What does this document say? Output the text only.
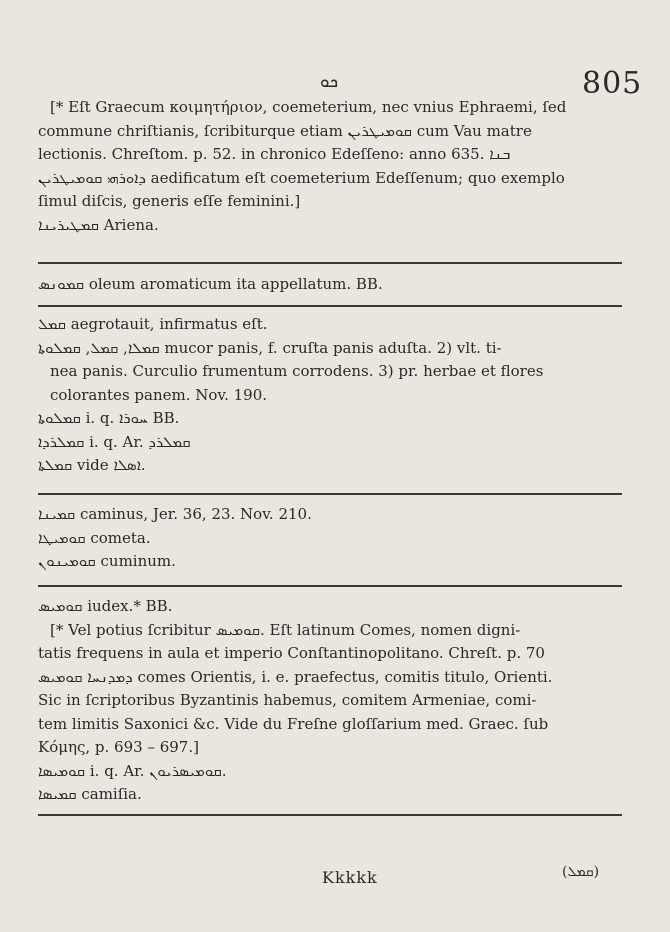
ܟܘ	805
[* Eſt Graecum κοιμητήριον, coemeterium, nec vnius Ephraemi, ſed
commune chriſtianis, ſcribiturque etiam ܩܘܡܝܛܪܝܢ cum Vau matre
lectionis. Chreſtom. p. 52. in chronico Edeſſeno: anno 635. ܒܢܐ
ܕܐܘܪܗܝ ܩܘܡܝܛܪܝܢ aedificatum eſt coemeterium Edeſſenum; quo exemplo
ſimul diſcis, generis eſſe feminini.]
ܩܡܛܝܪܝܢܐ Ariena.
ܩܡܘܢܣ oleum aromaticum ita appellatum. BB.
ܩܡܠ aegrotauit, infirmatus eſt.
ܩܡܠܐ, ܩܡܠ, ܩܡܠܘܬܐ mucor panis, f. cruſta panis aduſta. 2) vlt. ti-
nea panis. Curculio frumentum corrodens. 3) pr. herbae et flores
colorantes panem. Nov. 190.
ܩܡܠܘܬܐ i. q. ܚܘܪܐ BB.
ܩܡܠܪܕܐ i. q. Ar. ܩܡܠܪܕ
ܩܡܠܬܐ vide ܐܣܠܐ.
ܩܡܝܢܐ caminus, Jer. 36, 23. Nov. 210.
ܩܘܡܝܛܐ cometa.
ܩܘܡܝܢܘܢ cuminum.
ܩܘܡܝܣ iudex.* BB.
[* Vel potius ſcribitur ܩܘܡܝܣ. Eſt latinum Comes, nomen digni-
tatis frequens in aula et imperio Conſtantinopolitano. Chreſt. p. 70
ܕܡܕܢܚܐ ܩܘܡܝܣ comes Orientis, i. e. praefectus, comitis titulo, Orienti.
Sic in ſcriptoribus Byzantinis habemus, comitem Armeniae, comi-
tem limitis Saxonici &c. Vide du Freſne gloſſarium med. Graec. ſub
Κόμης, p. 693 – 697.]
ܩܘܡܝܣܐ i. q. Ar. ܩܘܡܝܣܪܝܘܢ.
ܩܡܝܣܐ camiſia.
Kkkkk	(ܩܡܠ)
